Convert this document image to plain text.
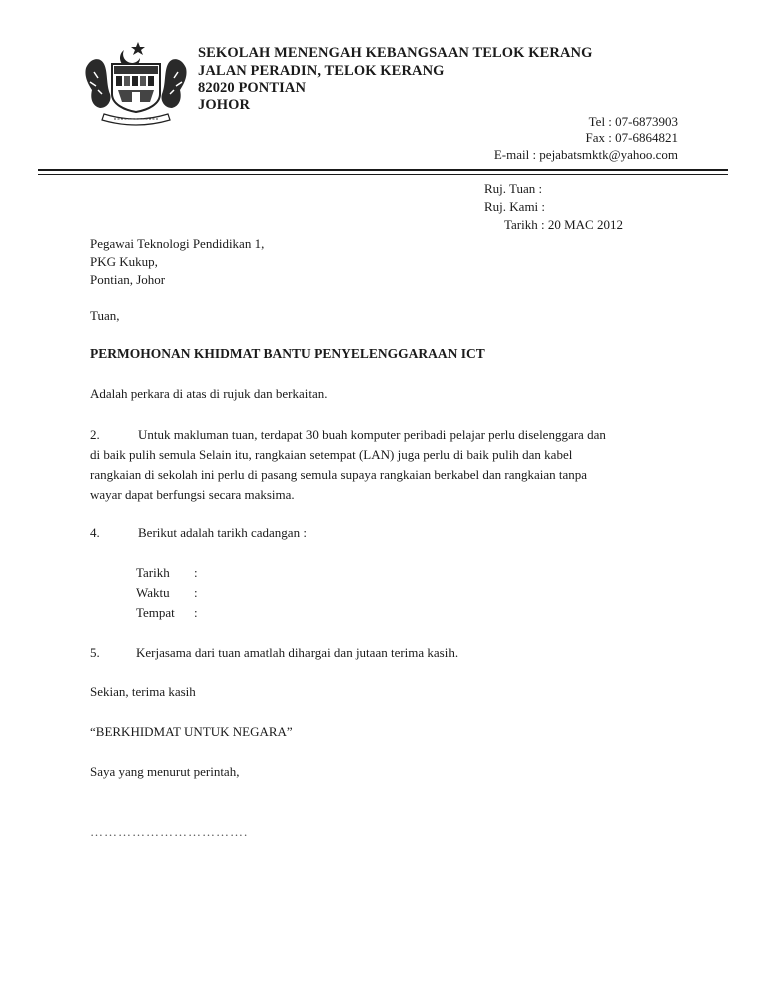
SEKOLAH MENENGAH KEBANGSAAN TELOK KERANG
JALAN PERADIN, TELOK KERANG
82020 PONTIAN
JOHOR
Tel : 07-6873903
Fax : 07-6864821
E-mail : pejabatsmktk@yahoo.com
Ruj. Tuan :
Ruj. Kami :
Tarikh : 20 MAC 2012
Pegawai Teknologi Pendidikan 1,
PKG Kukup,
Pontian, Johor
Tuan,
PERMOHONAN KHIDMAT BANTU PENYELENGGARAAN ICT
Adalah perkara di atas di rujuk dan berkaitan.
2.	Untuk makluman tuan, terdapat 30 buah komputer peribadi pelajar perlu diselenggara dan
di baik pulih semula Selain itu, rangkaian setempat (LAN) juga perlu di baik pulih dan kabel
rangkaian di sekolah ini perlu di pasang semula supaya rangkaian berkabel dan rangkaian tanpa
wayar dapat berfungsi secara maksima.
4.	Berikut adalah tarikh cadangan :
Tarikh :
Waktu :
Tempat :
5.	Kerjasama dari tuan amatlah dihargai dan jutaan terima kasih.
Sekian, terima kasih
“BERKHIDMAT UNTUK NEGARA”
Saya yang menurut perintah,
…………………………….
